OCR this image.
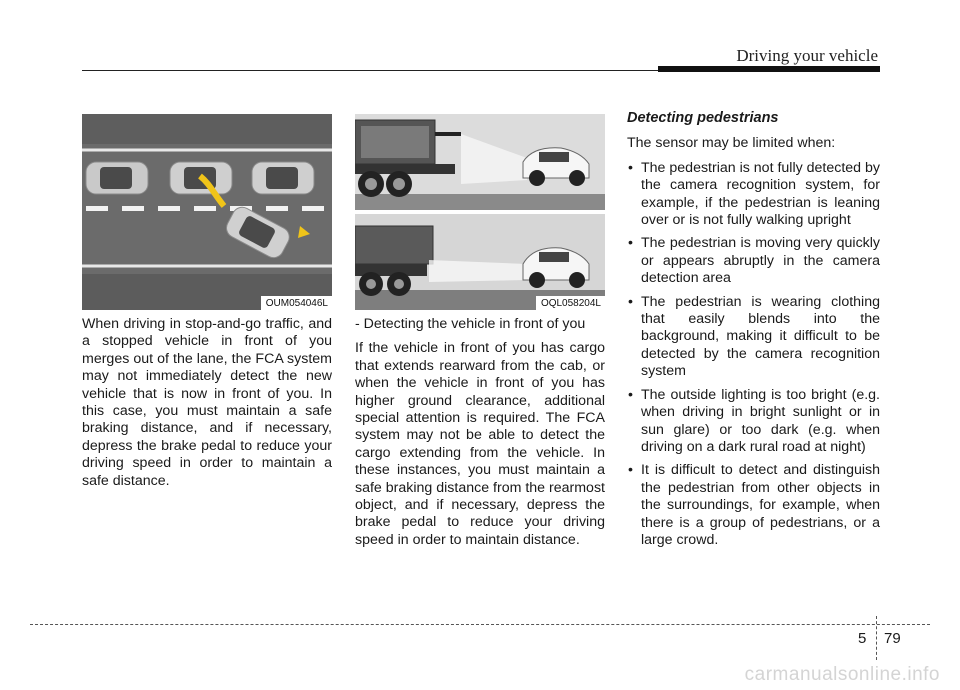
Driving your vehicle
OUM054046L	OQL058204L

When driving in stop-and-go traffic, and a stopped vehicle in front of you merges out of the lane, the FCA system may not immediately detect the new vehicle that is now in front of you. In this case, you must maintain a safe braking distance, and if necessary, depress the brake pedal to reduce your driving speed in order to maintain a safe distance.

- Detecting the vehicle in front of you

If the vehicle in front of you has cargo that extends rearward from the cab, or when the vehicle in front of you has higher ground clearance, additional special attention is required. The FCA system may not be able to detect the cargo extending from the vehicle. In these instances, you must maintain a safe braking distance from the rearmost object, and if necessary, depress the brake pedal to reduce your driving speed in order to maintain distance.

Detecting pedestrians

The sensor may be limited when:

• The pedestrian is not fully detected by the camera recognition system, for example, if the pedestrian is leaning over or is not fully walking upright
• The pedestrian is moving very quickly or appears abruptly in the camera detection area
• The pedestrian is wearing clothing that easily blends into the background, making it difficult to be detected by the camera recognition system
• The outside lighting is too bright (e.g. when driving in bright sunlight or in sun glare) or too dark (e.g. when driving on a dark rural road at night)
• It is difficult to detect and distinguish the pedestrian from other objects in the surroundings, for example, when there is a group of pedestrians, or a large crowd.
5 79
carmanualsonline.info
